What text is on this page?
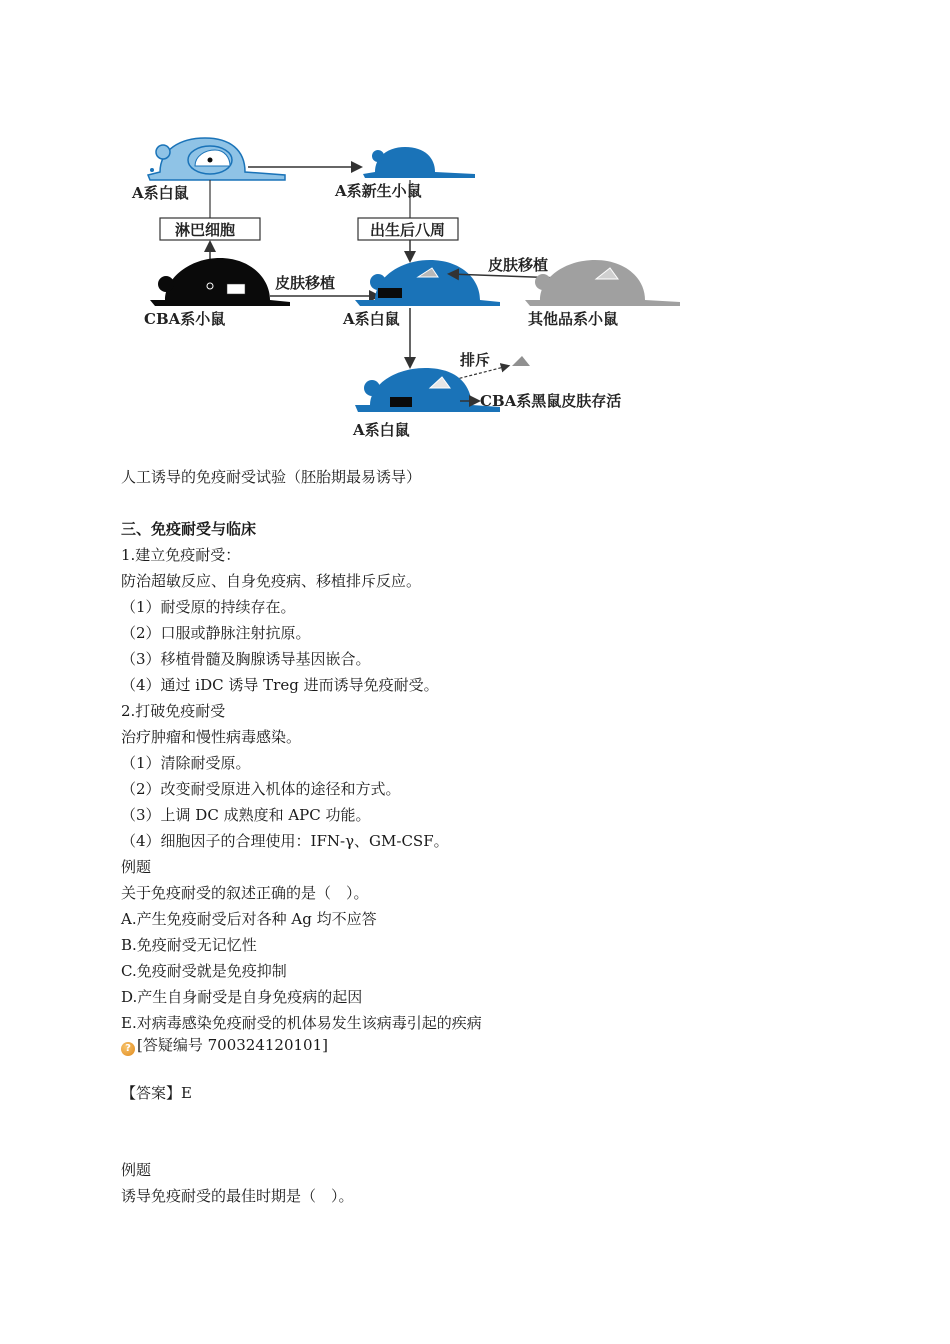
A系白鼠	A系新生小鼠
淋巴细胞	出生后八周
CBA系小鼠
皮肤移植
A系白鼠
皮肤移植
其他品系小鼠
排斥
CBA系黑鼠皮肤存活
A系白鼠
人工诱导的免疫耐受试验（胚胎期最易诱导）
三、免疫耐受与临床
1.建立免疫耐受：
防治超敏反应、自身免疫病、移植排斥反应。
（1）耐受原的持续存在。
（2）口服或静脉注射抗原。
（3）移植骨髓及胸腺诱导基因嵌合。
（4）通过 iDC 诱导 Treg 进而诱导免疫耐受。
2.打破免疫耐受
治疗肿瘤和慢性病毒感染。
（1）清除耐受原。
（2）改变耐受原进入机体的途径和方式。
（3）上调 DC 成熟度和 APC 功能。
（4）细胞因子的合理使用：IFN-γ、GM-CSF。
例题
关于免疫耐受的叙述正确的是（　）。
A.产生免疫耐受后对各种 Ag 均不应答
B.免疫耐受无记忆性
C.免疫耐受就是免疫抑制
D.产生自身耐受是自身免疫病的起因
E.对病毒感染免疫耐受的机体易发生该病毒引起的疾病
? [答疑编号 700324120101]
【答案】E
例题
诱导免疫耐受的最佳时期是（　）。
